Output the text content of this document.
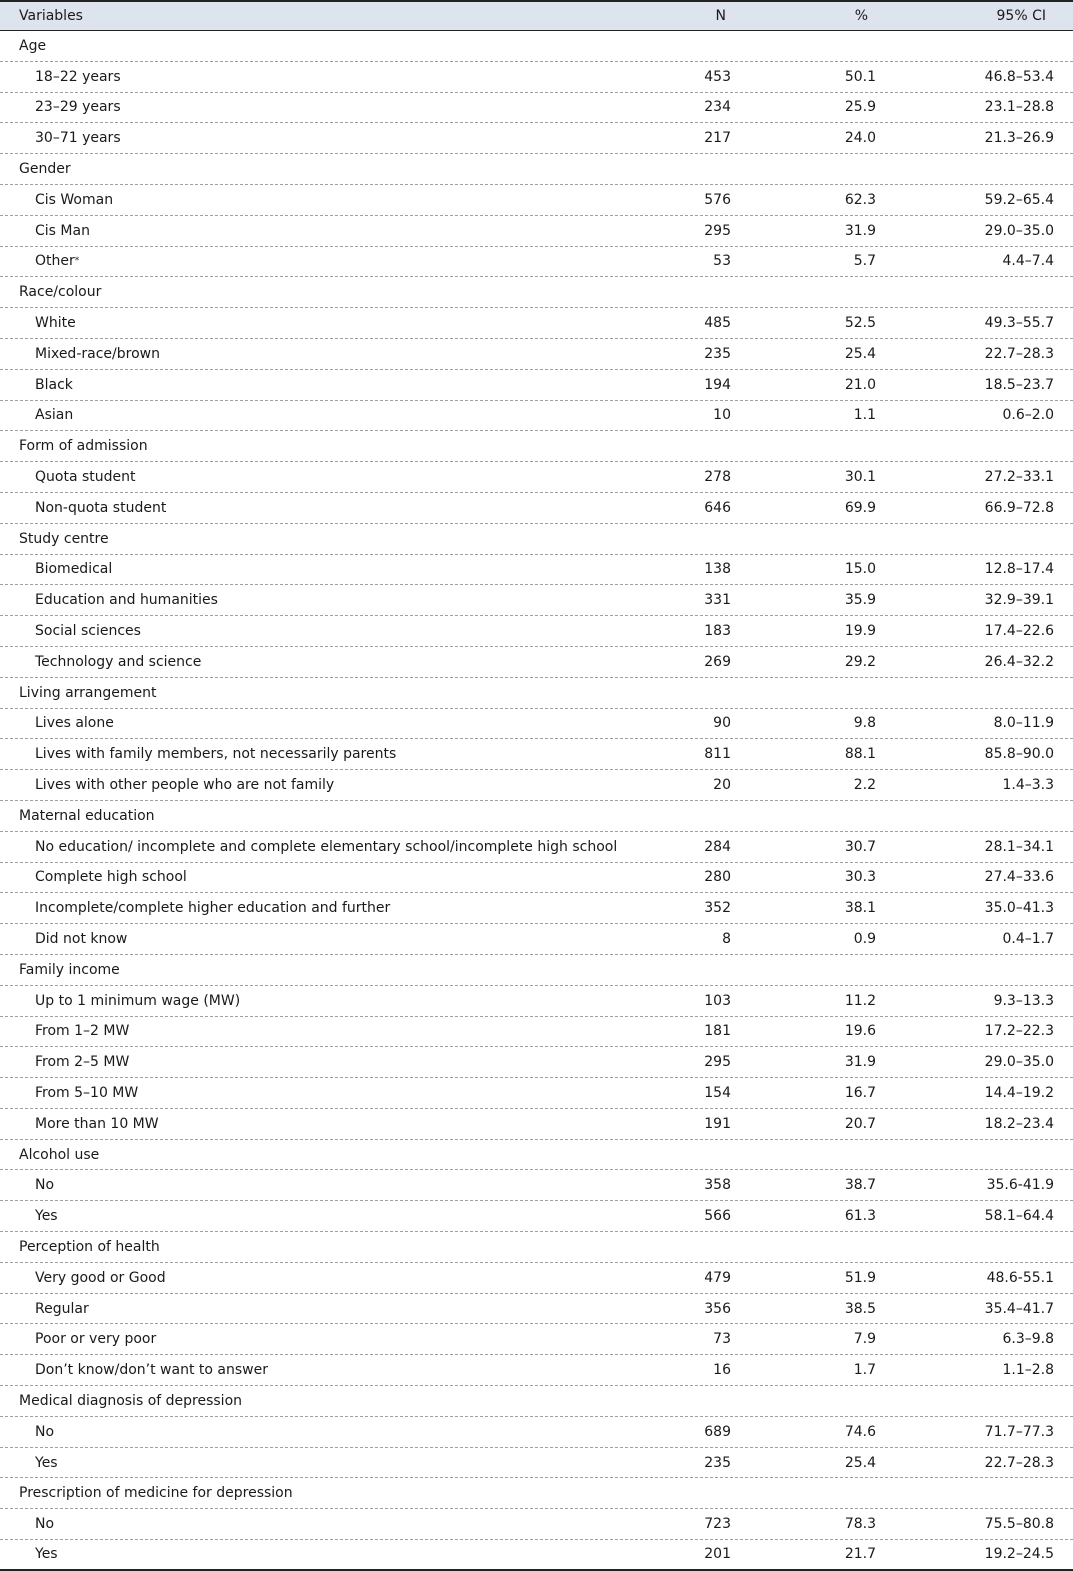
Variables	N	%	95% CI
Age
18–22 years	453	50.1	46.8–53.4
23–29 years	234	25.9	23.1–28.8
30–71 years	217	24.0	21.3–26.9
Gender
Cis Woman	576	62.3	59.2–65.4
Cis Man	295	31.9	29.0–35.0
Other *	53	5.7	4.4–7.4
Race/colour
White	485	52.5	49.3–55.7
Mixed-race/brown	235	25.4	22.7–28.3
Black	194	21.0	18.5–23.7
Asian	10	1.1	0.6–2.0
Form of admission
Quota student	278	30.1	27.2–33.1
Non-quota student	646	69.9	66.9–72.8
Study centre
Biomedical	138	15.0	12.8–17.4
Education and humanities	331	35.9	32.9–39.1
Social sciences	183	19.9	17.4–22.6
Technology and science	269	29.2	26.4–32.2
Living arrangement
Lives alone	90	9.8	8.0–11.9
Lives with family members, not necessarily parents	811	88.1	85.8–90.0
Lives with other people who are not family	20	2.2	1.4–3.3
Maternal education
No education/ incomplete and complete elementary school/incomplete high school	284	30.7	28.1–34.1
Complete high school	280	30.3	27.4–33.6
Incomplete/complete higher education and further	352	38.1	35.0–41.3
Did not know	8	0.9	0.4–1.7
Family income
Up to 1 minimum wage (MW)	103	11.2	9.3–13.3
From 1–2 MW	181	19.6	17.2–22.3
From 2–5 MW	295	31.9	29.0–35.0
From 5–10 MW	154	16.7	14.4–19.2
More than 10 MW	191	20.7	18.2–23.4
Alcohol use
No	358	38.7	35.6-41.9
Yes	566	61.3	58.1–64.4
Perception of health
Very good or Good	479	51.9	48.6-55.1
Regular	356	38.5	35.4–41.7
Poor or very poor	73	7.9	6.3–9.8
Don’t know/don’t want to answer	16	1.7	1.1–2.8
Medical diagnosis of depression
No	689	74.6	71.7–77.3
Yes	235	25.4	22.7–28.3
Prescription of medicine for depression
No	723	78.3	75.5–80.8
Yes	201	21.7	19.2–24.5
